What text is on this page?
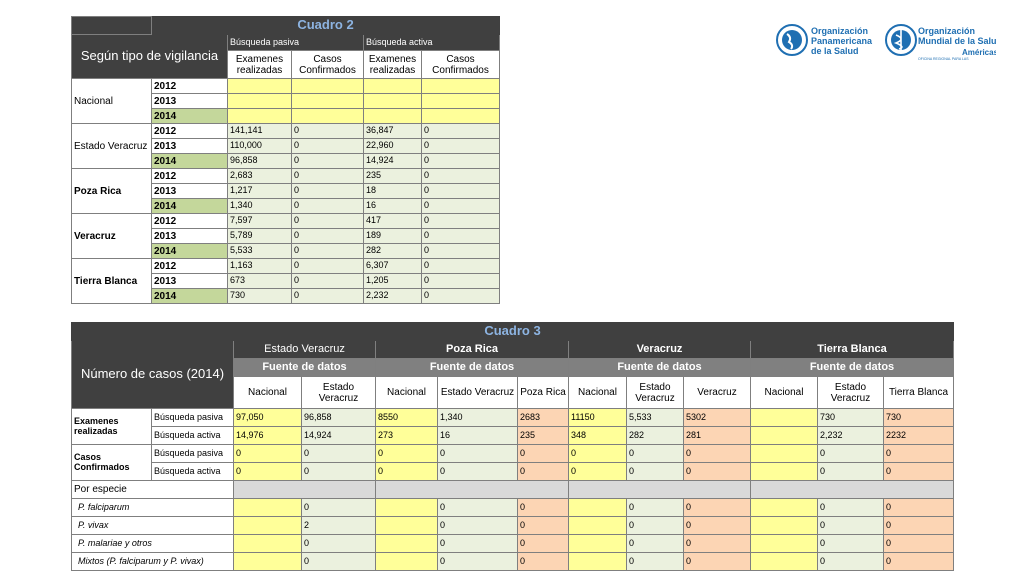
Organización
Panamericana
de la Salud
Organización
Mundial de la Salud
OFICINA REGIONAL PARA LAS
Américas
	Cuadro 2				
Según tipo de vigilancia		Búsqueda pasiva		Búsqueda activa	
		Examenes realizadas	Casos Confirmados	Examenes realizadas	Casos Confirmados

Nacional	2012				
	2013				
	2014				
Estado Veracruz	2012	141,141	0	36,847	0
	2013	110,000	0	22,960	0
	2014	96,858	0	14,924	0
Poza Rica	2012	2,683	0	235	0
	2013	1,217	0	18	0
	2014	1,340	0	16	0
Veracruz	2012	7,597	0	417	0
	2013	5,789	0	189	0
	2014	5,533	0	282	0
Tierra Blanca	2012	1,163	0	6,307	0
	2013	673	0	1,205	0
	2014	730	0	2,232	0
Cuadro 3												
Número de casos (2014)		Estado Veracruz		Poza Rica			Veracruz			Tierra Blanca		
		Fuente de datos		Fuente de datos			Fuente de datos			Fuente de datos		
		Nacional	Estado Veracruz	Nacional	Estado Veracruz	Poza Rica	Nacional	Estado Veracruz	Veracruz	Nacional	Estado Veracruz	Tierra Blanca
Examenes realizadas	Búsqueda pasiva	97,050	96,858	8550	1,340	2683	11150	5,533	5302		730	730
	Búsqueda activa	14,976	14,924	273	16	235	348	282	281		2,232	2232
Casos Confirmados	Búsqueda pasiva	0	0	0	0	0	0	0	0		0	0
	Búsqueda activa	0	0	0	0	0	0	0	0		0	0
Por especie												
P. falciparum			0		0	0		0	0		0	0
P. vivax			2		0	0		0	0		0	0
P. malariae y otros			0		0	0		0	0		0	0
Mixtos (P. falciparum y P. vivax)			0		0	0		0	0		0	0
